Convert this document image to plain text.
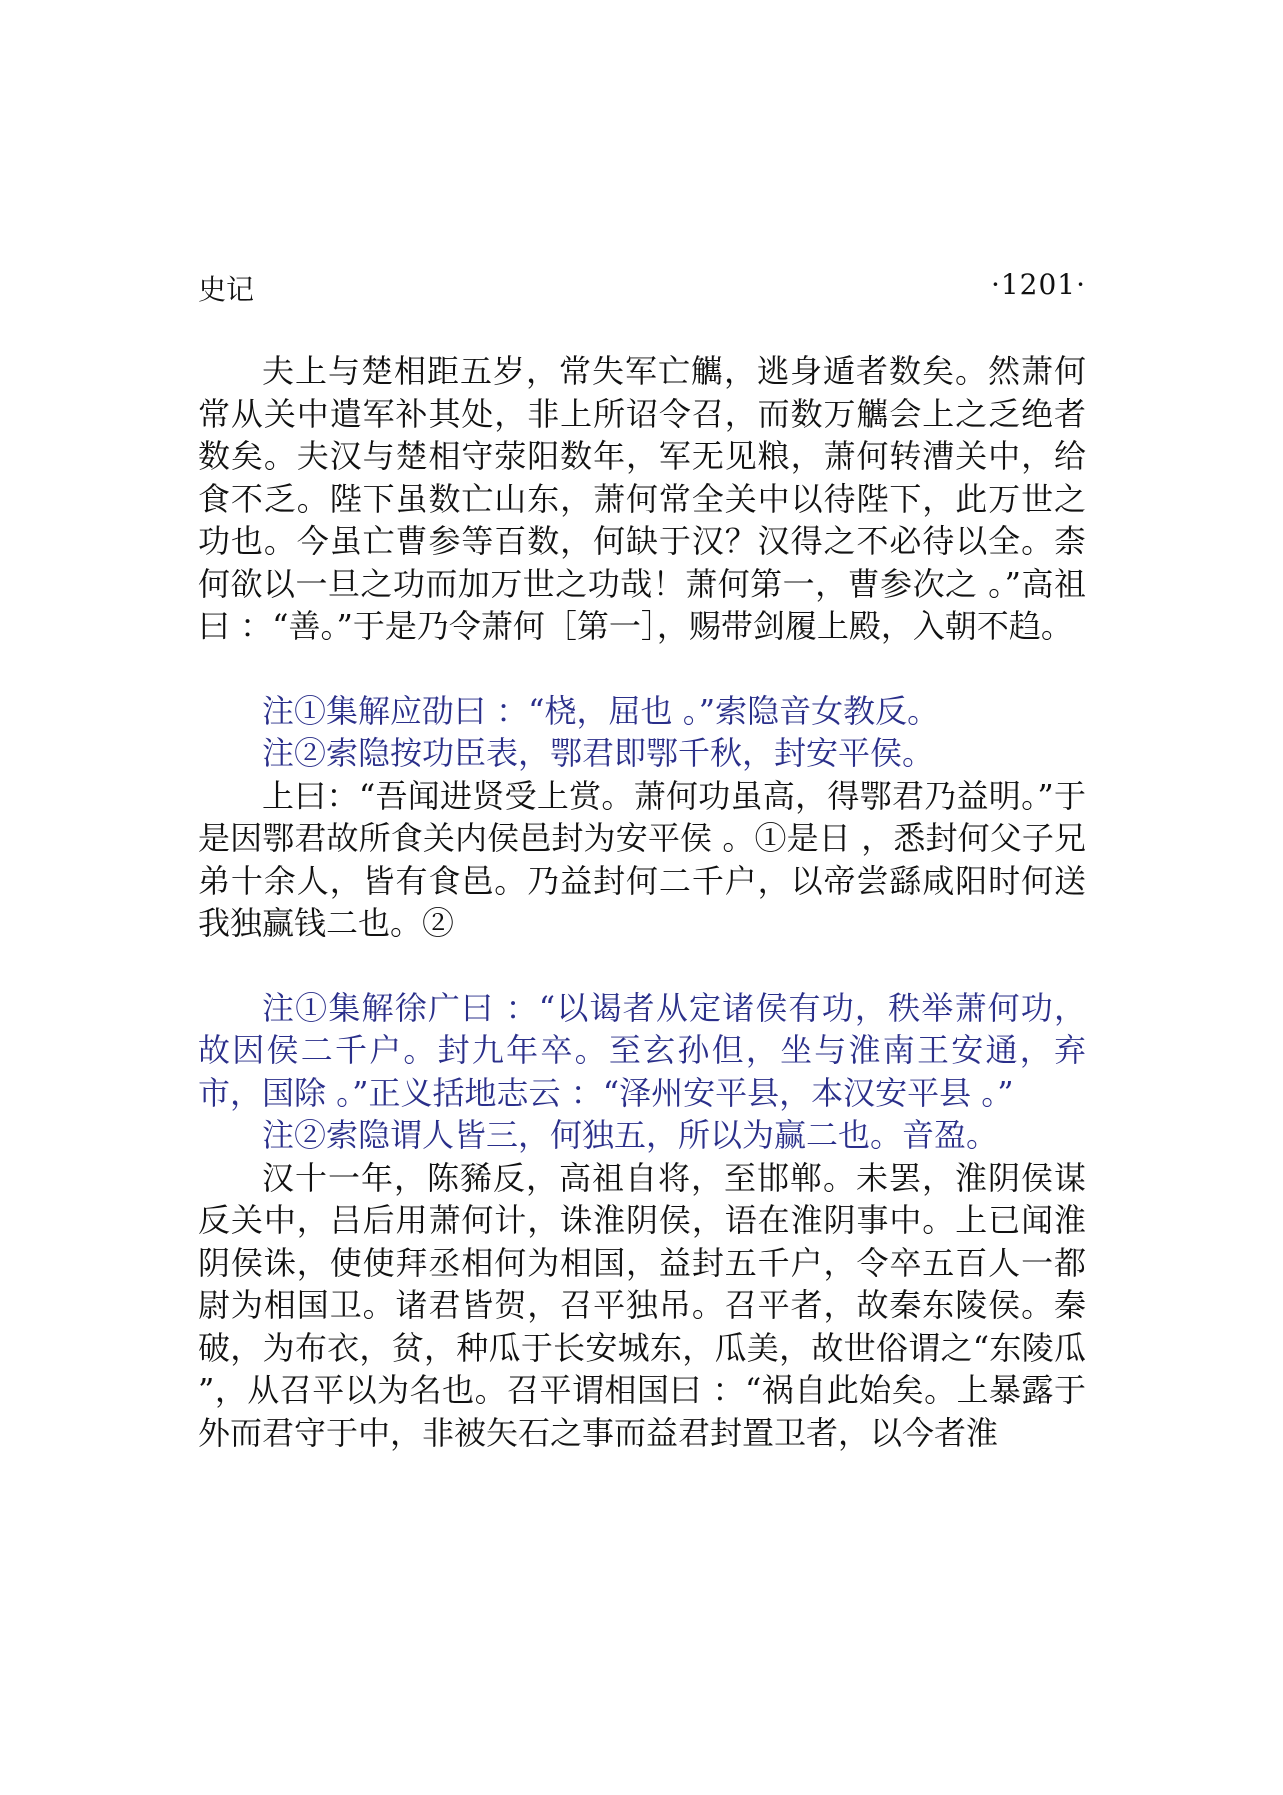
史记	·1201·

夫上与楚相距五岁，常失军亡觽，逃身遁者数矣。然萧何常从关中遣军补其处，非上所诏令召，而数万觽会上之乏绝者数矣。夫汉与楚相守荥阳数年，军无见粮，萧何转漕关中，给食不乏。陛下虽数亡山东，萧何常全关中以待陛下，此万世之功也。今虽亡曹参等百数，何缺于汉？汉得之不必待以全。柰何欲以一旦之功而加万世之功哉！萧何第一，曹参次之 。”高祖曰 ：“善。”于是乃令萧何［第一］，赐带剑履上殿，入朝不趋。

注①集解应劭曰 ：“桡，屈也 。”索隐音女教反。

注②索隐按功臣表，鄂君即鄂千秋，封安平侯。

上曰：“吾闻进贤受上赏。萧何功虽高，得鄂君乃益明。”于是因鄂君故所食关内侯邑封为安平侯 。①是日 ，悉封何父子兄弟十余人，皆有食邑。乃益封何二千户，以帝尝繇咸阳时何送我独赢钱二也。②

注①集解徐广曰 ：“以谒者从定诸侯有功，秩举萧何功，故因侯二千户。封九年卒。至玄孙但，坐与淮南王安通，弃市，国除 。”正义括地志云 ：“泽州安平县，本汉安平县 。”

注②索隐谓人皆三，何独五，所以为赢二也。音盈。

汉十一年，陈豨反，高祖自将，至邯郸。未罢，淮阴侯谋反关中，吕后用萧何计，诛淮阴侯，语在淮阴事中。上已闻淮阴侯诛，使使拜丞相何为相国，益封五千户，令卒五百人一都尉为相国卫。诸君皆贺，召平独吊。召平者，故秦东陵侯。秦破，为布衣，贫，种瓜于长安城东，瓜美，故世俗谓之“东陵瓜 ”，从召平以为名也。召平谓相国曰 ：“祸自此始矣。上暴露于外而君守于中，非被矢石之事而益君封置卫者，以今者淮
